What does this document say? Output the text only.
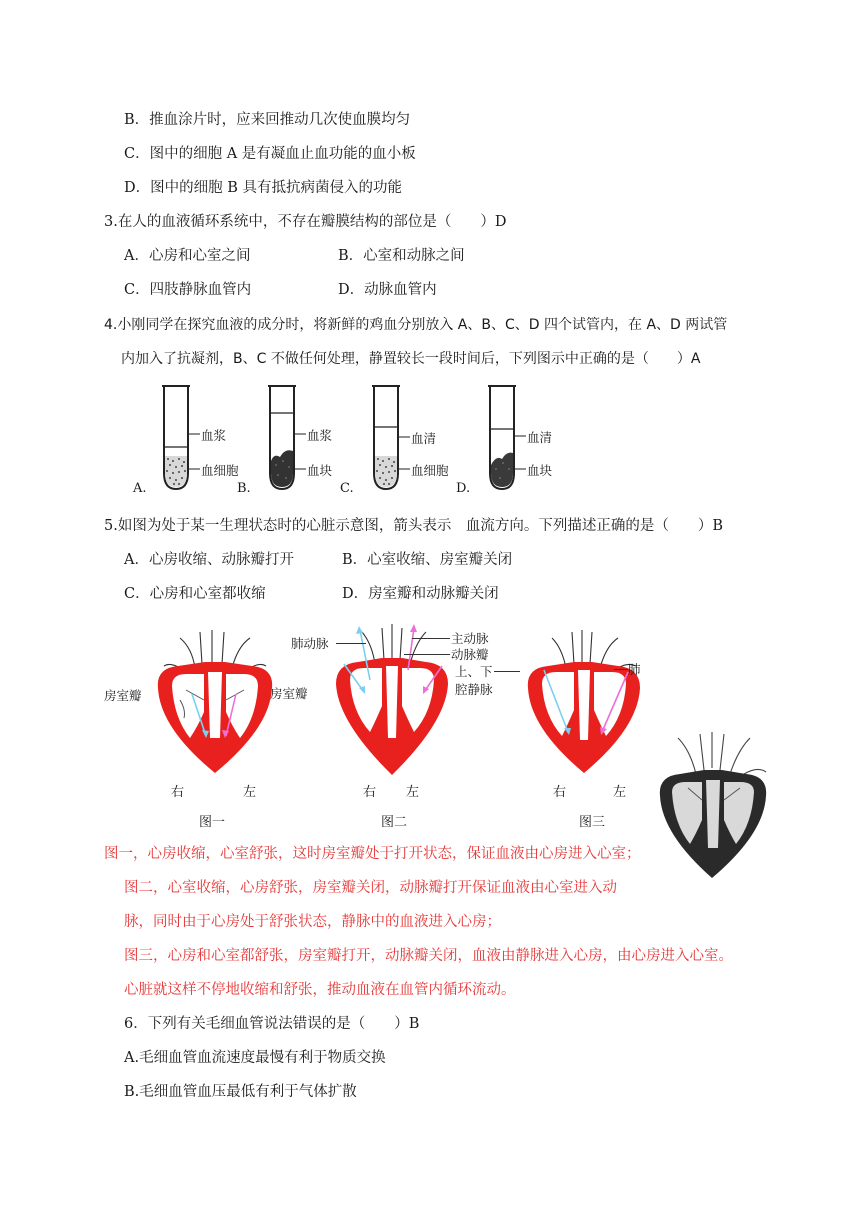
B．推血涂片时，应来回推动几次使血膜均匀
C．图中的细胞 A 是有凝血止血功能的血小板
D．图中的细胞 B 具有抵抗病菌侵入的功能
3.在人的血液循环系统中，不存在瓣膜结构的部位是（　　）D
A．心房和心室之间	B．心室和动脉之间
C．四肢静脉血管内	D．动脉血管内
4.小刚同学在探究血液的成分时，将新鲜的鸡血分别放入 A、B、C、D 四个试管内，在 A、D 两试管
内加入了抗凝剂，B、C 不做任何处理，静置较长一段时间后，下列图示中正确的是（　　）A
血浆
血细胞
A.
血浆
血块
B.
血清
血细胞
C.
血清
血块
D.
5.如图为处于某一生理状态时的心脏示意图，箭头表示　血流方向。下列描述正确的是（　　）B
A．心房收缩、动脉瓣打开	B．心室收缩、房室瓣关闭
C．心房和心室都收缩	D．房室瓣和动脉瓣关闭
房室瓣	房室瓣
右	左
图一
肺动脉	主动脉
动脉瓣
上、下
腔静脉
右 左
图二
肺
右	左
图三
图一，心房收缩，心室舒张，这时房室瓣处于打开状态，保证血液由心房进入心室；
图二，心室收缩，心房舒张，房室瓣关闭，动脉瓣打开保证血液由心室进入动
脉，同时由于心房处于舒张状态，静脉中的血液进入心房；
图三，心房和心室都舒张，房室瓣打开，动脉瓣关闭，血液由静脉进入心房，由心房进入心室。
心脏就这样不停地收缩和舒张，推动血液在血管内循环流动。
6．下列有关毛细血管说法错误的是（　　）B
A.毛细血管血流速度最慢有利于物质交换
B.毛细血管血压最低有利于气体扩散
